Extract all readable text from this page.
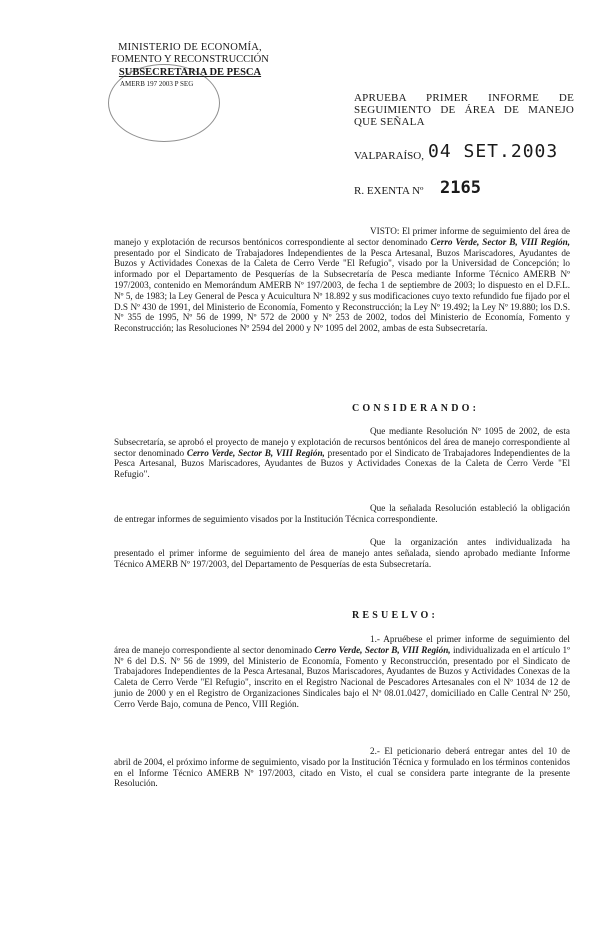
MINISTERIO DE ECONOMÍA,
FOMENTO Y RECONSTRUCCIÓN
SUBSECRETARIA DE PESCA
AMERB 197 2003 P SEG
APRUEBA PRIMER INFORME DE SEGUIMIENTO DE ÁREA DE MANEJO QUE SEÑALA
VALPARAÍSO, 04 SET.2003
R. EXENTA Nº 2165
VISTO: El primer informe de seguimiento del área de manejo y explotación de recursos bentónicos correspondiente al sector denominado Cerro Verde, Sector B, VIII Región, presentado por el Sindicato de Trabajadores Independientes de la Pesca Artesanal, Buzos Mariscadores, Ayudantes de Buzos y Actividades Conexas de la Caleta de Cerro Verde "El Refugio", visado por la Universidad de Concepción; lo informado por el Departamento de Pesquerías de la Subsecretaría de Pesca mediante Informe Técnico AMERB Nº 197/2003, contenido en Memorándum AMERB Nº 197/2003, de fecha 1 de septiembre de 2003; lo dispuesto en el D.F.L. Nº 5, de 1983; la Ley General de Pesca y Acuicultura Nº 18.892 y sus modificaciones cuyo texto refundido fue fijado por el D.S Nº 430 de 1991, del Ministerio de Economía, Fomento y Reconstrucción; la Ley Nº 19.492; la Ley Nº 19.880; los D.S. Nº 355 de 1995, Nº 56 de 1999, Nº 572 de 2000 y Nº 253 de 2002, todos del Ministerio de Economía, Fomento y Reconstrucción; las Resoluciones Nº 2594 del 2000 y Nº 1095 del 2002, ambas de esta Subsecretaría.
CONSIDERANDO:
Que mediante Resolución Nº 1095 de 2002, de esta Subsecretaría, se aprobó el proyecto de manejo y explotación de recursos bentónicos del área de manejo correspondiente al sector denominado Cerro Verde, Sector B, VIII Región, presentado por el Sindicato de Trabajadores Independientes de la Pesca Artesanal, Buzos Mariscadores, Ayudantes de Buzos y Actividades Conexas de la Caleta de Cerro Verde "El Refugio".
Que la señalada Resolución estableció la obligación de entregar informes de seguimiento visados por la Institución Técnica correspondiente.
Que la organización antes individualizada ha presentado el primer informe de seguimiento del área de manejo antes señalada, siendo aprobado mediante Informe Técnico AMERB Nº 197/2003, del Departamento de Pesquerías de esta Subsecretaría.
RESUELVO:
1.- Apruébese el primer informe de seguimiento del área de manejo correspondiente al sector denominado Cerro Verde, Sector B, VIII Región, individualizada en el artículo 1º Nº 6 del D.S. Nº 56 de 1999, del Ministerio de Economía, Fomento y Reconstrucción, presentado por el Sindicato de Trabajadores Independientes de la Pesca Artesanal, Buzos Mariscadores, Ayudantes de Buzos y Actividades Conexas de la Caleta de Cerro Verde "El Refugio", inscrito en el Registro Nacional de Pescadores Artesanales con el Nº 1034 de 12 de junio de 2000 y en el Registro de Organizaciones Sindicales bajo el Nº 08.01.0427, domiciliado en Calle Central Nº 250, Cerro Verde Bajo, comuna de Penco, VIII Región.
2.- El peticionario deberá entregar antes del 10 de abril de 2004, el próximo informe de seguimiento, visado por la Institución Técnica y formulado en los términos contenidos en el Informe Técnico AMERB Nº 197/2003, citado en Visto, el cual se considera parte integrante de la presente Resolución.
